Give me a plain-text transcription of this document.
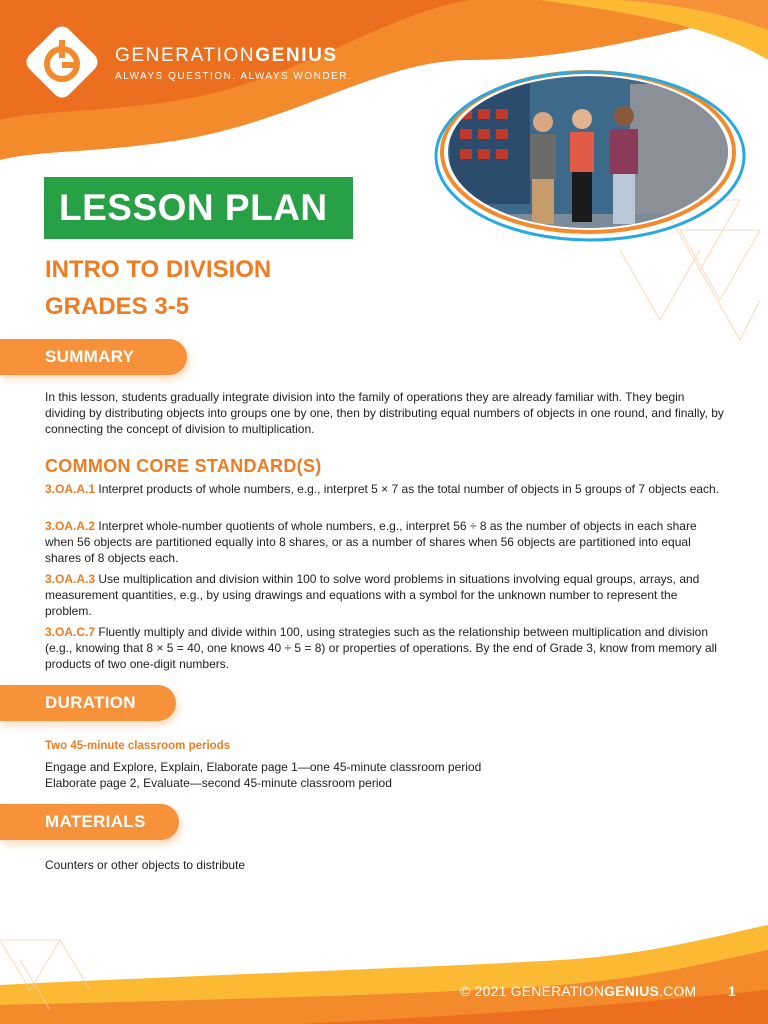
GENERATIONGENIUS
ALWAYS QUESTION. ALWAYS WONDER.
LESSON PLAN
INTRO TO DIVISION
GRADES 3-5
SUMMARY
In this lesson, students gradually integrate division into the family of operations they are already familiar with. They begin dividing by distributing objects into groups one by one, then by distributing equal numbers of objects in one round, and finally, by connecting the concept of division to multiplication.
COMMON CORE STANDARD(S)
3.OA.A.1 Interpret products of whole numbers, e.g., interpret 5 × 7 as the total number of objects in 5 groups of 7 objects each.
3.OA.A.2 Interpret whole-number quotients of whole numbers, e.g., interpret 56 ÷ 8 as the number of objects in each share when 56 objects are partitioned equally into 8 shares, or as a number of shares when 56 objects are partitioned into equal shares of 8 objects each.
3.OA.A.3 Use multiplication and division within 100 to solve word problems in situations involving equal groups, arrays, and measurement quantities, e.g., by using drawings and equations with a symbol for the unknown number to represent the problem.
3.OA.C.7 Fluently multiply and divide within 100, using strategies such as the relationship between multiplication and division (e.g., knowing that 8 × 5 = 40, one knows 40 ÷ 5 = 8) or properties of operations. By the end of Grade 3, know from memory all products of two one-digit numbers.
DURATION
Two 45-minute classroom periods
Engage and Explore, Explain, Elaborate page 1—one 45-minute classroom period
Elaborate page 2, Evaluate—second 45-minute classroom period
MATERIALS
Counters or other objects to distribute
© 2021 GENERATIONGENIUS.COM 1
